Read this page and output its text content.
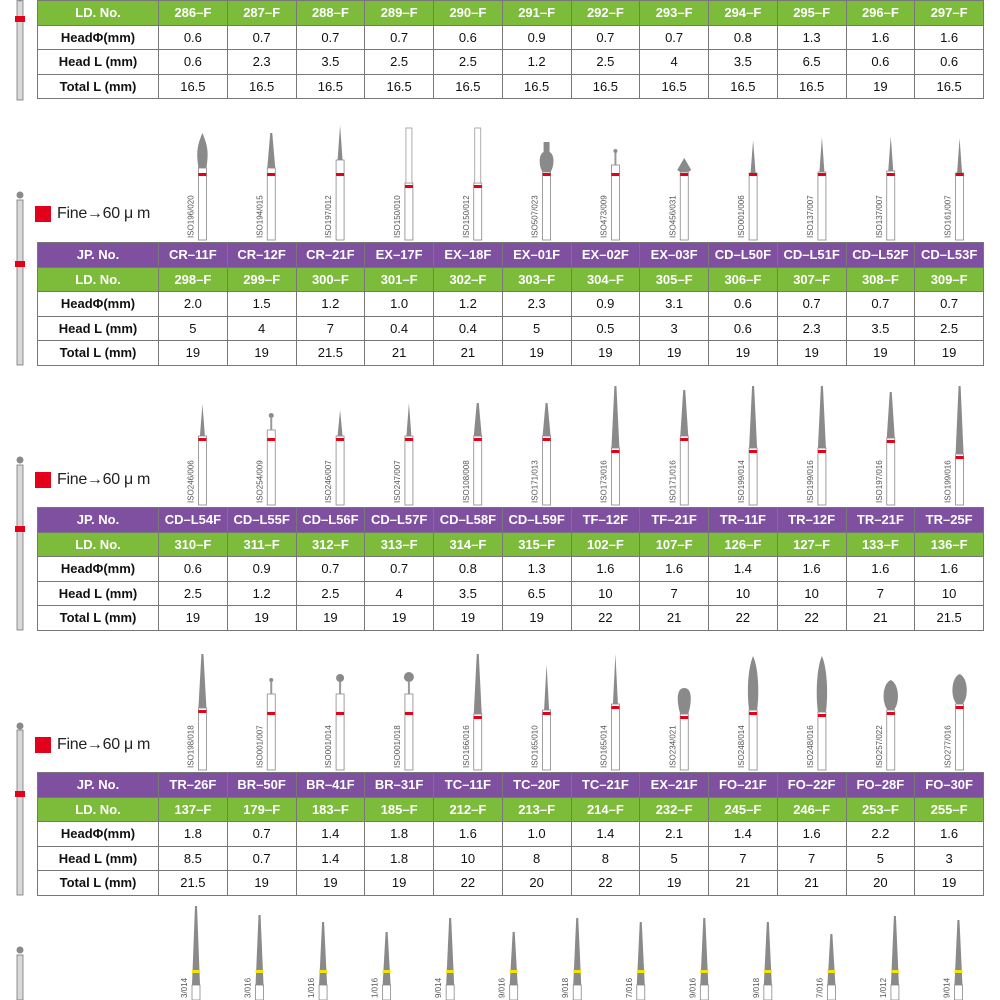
ISO196/020	ISO194/015	ISO197/012	ISO150/010	ISO150/012	ISO507/023	ISO473/009	ISO456/031	ISO001/006	ISO137/007	ISO137/007	ISO161/007
ISO246/006	ISO254/009	ISO246/007	ISO247/007	ISO108/008	ISO171/013	ISO173/016	ISO171/016	ISO199/014	ISO199/016	ISO197/016	ISO199/016
ISO198/018	ISO001/007	ISO001/014	ISO001/018	ISO166/016	ISO165/010	ISO165/014	ISO234/021	ISO248/014	ISO248/016	ISO257/022	ISO277/016
3/014	3/016	1/016	1/016	9/014	9/016	9/018	7/016	9/016	9/018	7/016	1/012	9/014
LD. No.	286–F	287–F	288–F	289–F	290–F	291–F	292–F	293–F	294–F	295–F	296–F	297–F
HeadΦ(mm)	0.6	0.7	0.7	0.7	0.6	0.9	0.7	0.7	0.8	1.3	1.6	1.6
Head L (mm)	0.6	2.3	3.5	2.5	2.5	1.2	2.5	4	3.5	6.5	0.6	0.6
Total L (mm)	16.5	16.5	16.5	16.5	16.5	16.5	16.5	16.5	16.5	16.5	19	16.5
Fine→60 μ m
JP. No.	CR–11F	CR–12F	CR–21F	EX–17F	EX–18F	EX–01F	EX–02F	EX–03F	CD–L50F	CD–L51F	CD–L52F	CD–L53F
LD. No.	298–F	299–F	300–F	301–F	302–F	303–F	304–F	305–F	306–F	307–F	308–F	309–F
HeadΦ(mm)	2.0	1.5	1.2	1.0	1.2	2.3	0.9	3.1	0.6	0.7	0.7	0.7
Head L (mm)	5	4	7	0.4	0.4	5	0.5	3	0.6	2.3	3.5	2.5
Total L (mm)	19	19	21.5	21	21	19	19	19	19	19	19	19
Fine→60 μ m
JP. No.	CD–L54F	CD–L55F	CD–L56F	CD–L57F	CD–L58F	CD–L59F	TF–12F	TF–21F	TR–11F	TR–12F	TR–21F	TR–25F
LD. No.	310–F	311–F	312–F	313–F	314–F	315–F	102–F	107–F	126–F	127–F	133–F	136–F
HeadΦ(mm)	0.6	0.9	0.7	0.7	0.8	1.3	1.6	1.6	1.4	1.6	1.6	1.6
Head L (mm)	2.5	1.2	2.5	4	3.5	6.5	10	7	10	10	7	10
Total L (mm)	19	19	19	19	19	19	22	21	22	22	21	21.5
Fine→60 μ m
JP. No.	TR–26F	BR–50F	BR–41F	BR–31F	TC–11F	TC–20F	TC–21F	EX–21F	FO–21F	FO–22F	FO–28F	FO–30F
LD. No.	137–F	179–F	183–F	185–F	212–F	213–F	214–F	232–F	245–F	246–F	253–F	255–F
HeadΦ(mm)	1.8	0.7	1.4	1.8	1.6	1.0	1.4	2.1	1.4	1.6	2.2	1.6
Head L (mm)	8.5	0.7	1.4	1.8	10	8	8	5	7	7	5	3
Total L (mm)	21.5	19	19	19	22	20	22	19	21	21	20	19
